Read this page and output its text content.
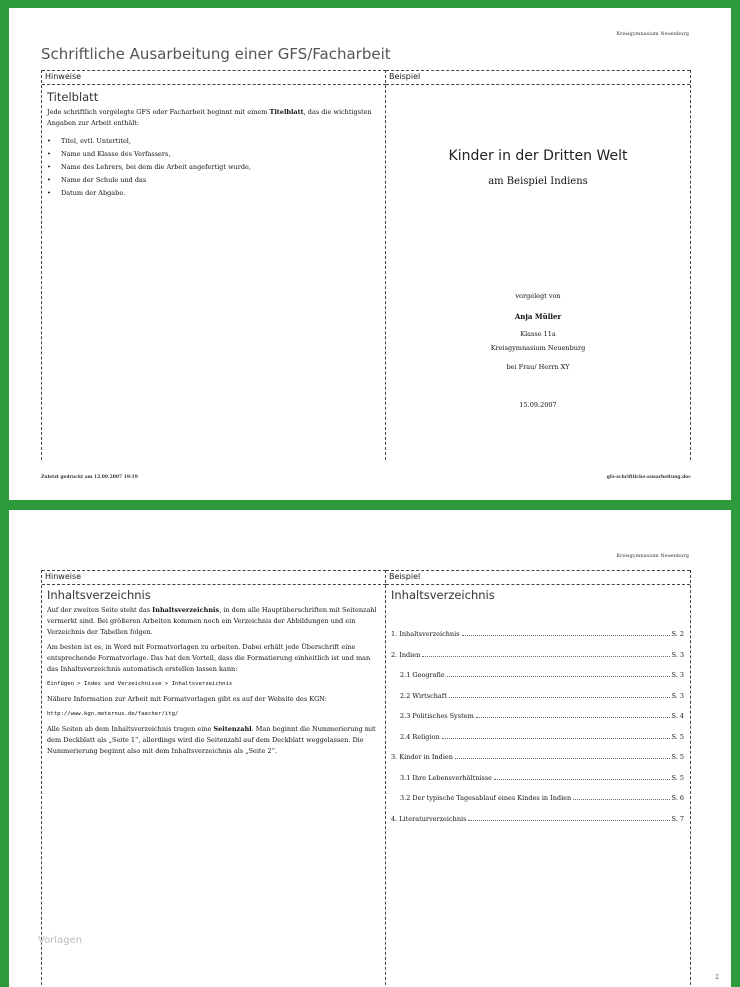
Kreisgymnasium Neuenburg
Schriftliche Ausarbeitung einer GFS/Facharbeit
Hinweise
Titelblatt

Jede schriftlich vorgelegte GFS oder Facharbeit beginnt mit einem Titelblatt, das die wichtigsten Angaben zur Arbeit enthält:

• Titel, evtl. Untertitel,
• Name und Klasse des Verfassers,
• Name des Lehrers, bei dem die Arbeit angefertigt wurde,
• Name der Schule und das
• Datum der Abgabe.
Beispiel
Kinder in der Dritten Welt
am Beispiel Indiens
vorgelegt von
Anja Müller
Klasse 11a
Kreisgymnasium Neuenburg
bei Frau/ Herrn XY
15.09.2007
Zuletzt gedruckt am 12.09.2007 19:19	gfs-schriftliche-ausarbeitung.doc
Kreisgymnasium Neuenburg
Hinweise
Inhaltsverzeichnis

Auf der zweiten Seite steht das Inhaltsverzeichnis, in dem alle Hauptüberschriften mit Seitenzahl vermerkt sind. Bei größeren Arbeiten kommen noch ein Verzeichnis der Abbildungen und ein Verzeichnis der Tabellen folgen.

Am besten ist es, in Word mit Formatvorlagen zu arbeiten. Dabei erhält jede Überschrift eine entsprechende Formatvorlage. Das hat den Vorteil, dass die Formatierung einheitlich ist und man das Inhaltsverzeichnis automatisch erstellen lassen kann:

Einfügen > Index und Verzeichnisse > Inhaltsverzeichnis

Nähere Information zur Arbeit mit Formatvorlagen gibt es auf der Website des KGN:

http://www.kgn.meternus.de/faecher/itg/

Alle Seiten ab dem Inhaltsverzeichnis tragen eine Seitenzahl. Man beginnt die Nummerierung mit dem Deckblatt als „Seite 1“, allerdings wird die Seitenzahl auf dem Deckblatt weggelassen. Die Nummerierung beginnt also mit dem Inhaltsverzeichnis als „Seite 2“.

Beispiel
Inhaltsverzeichnis
1. Inhaltsverzeichnis	S. 2
2. Indien	S. 3
2.1 Geografie	S. 3
2.2 Wirtschaft	S. 3
2.3 Politisches System	S. 4
2.4 Religion	S. 5
3. Kinder in Indien	S. 5
3.1 Ihre Lebensverhältnisse	S. 5
3.2 Der typische Tagesablauf eines Kindes in Indien	S. 6
4. Literaturverzeichnis	S. 7
Vorlagen
2
